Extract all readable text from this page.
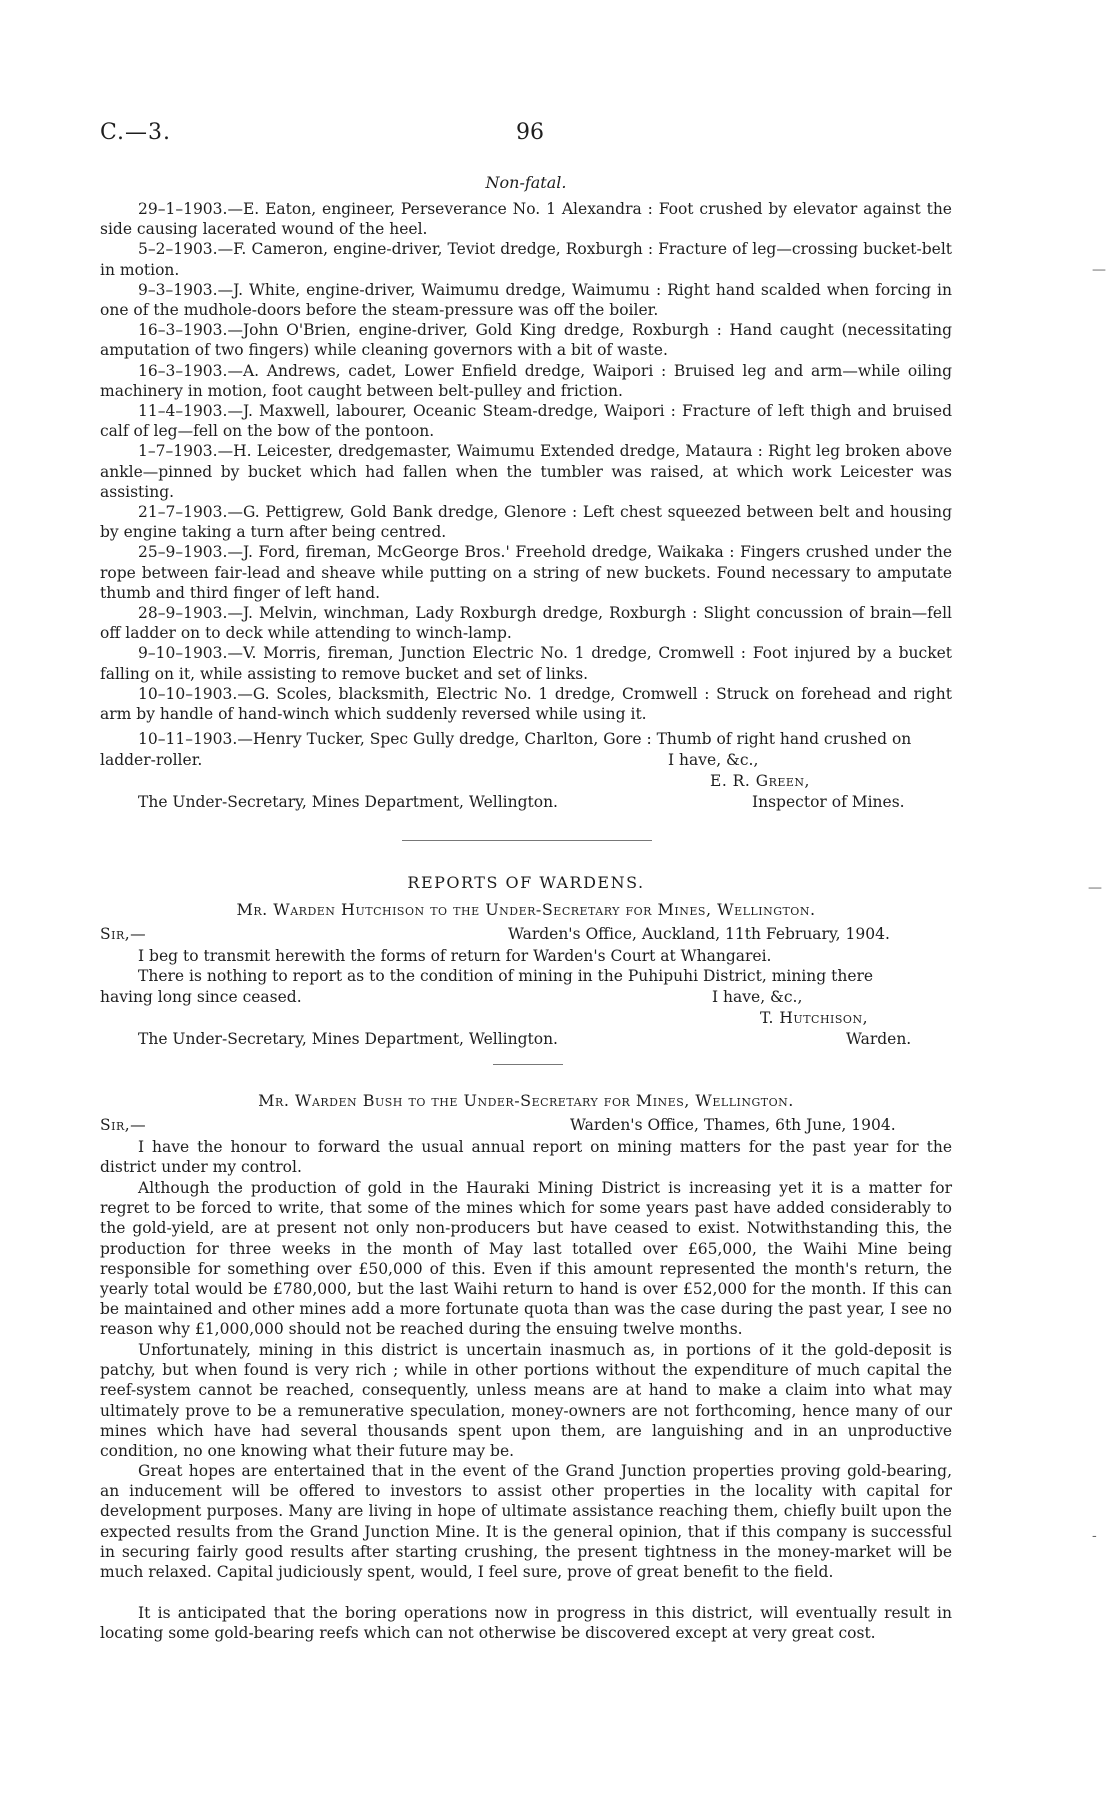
C.—3.	96
Non-fatal.

29–1–1903.—E. Eaton, engineer, Perseverance No. 1 Alexandra : Foot crushed by elevator against the side causing lacerated wound of the heel.

5–2–1903.—F. Cameron, engine-driver, Teviot dredge, Roxburgh : Fracture of leg—crossing bucket-belt in motion.

9–3–1903.—J. White, engine-driver, Waimumu dredge, Waimumu : Right hand scalded when forcing in one of the mudhole-doors before the steam-pressure was off the boiler.

16–3–1903.—John O'Brien, engine-driver, Gold King dredge, Roxburgh : Hand caught (necessitating amputation of two fingers) while cleaning governors with a bit of waste.

16–3–1903.—A. Andrews, cadet, Lower Enfield dredge, Waipori : Bruised leg and arm—while oiling machinery in motion, foot caught between belt-pulley and friction.

11–4–1903.—J. Maxwell, labourer, Oceanic Steam-dredge, Waipori : Fracture of left thigh and bruised calf of leg—fell on the bow of the pontoon.

1–7–1903.—H. Leicester, dredgemaster, Waimumu Extended dredge, Mataura : Right leg broken above ankle—pinned by bucket which had fallen when the tumbler was raised, at which work Leicester was assisting.

21–7–1903.—G. Pettigrew, Gold Bank dredge, Glenore : Left chest squeezed between belt and housing by engine taking a turn after being centred.

25–9–1903.—J. Ford, fireman, McGeorge Bros.' Freehold dredge, Waikaka : Fingers crushed under the rope between fair-lead and sheave while putting on a string of new buckets. Found necessary to amputate thumb and third finger of left hand.

28–9–1903.—J. Melvin, winchman, Lady Roxburgh dredge, Roxburgh : Slight concussion of brain—fell off ladder on to deck while attending to winch-lamp.

9–10–1903.—V. Morris, fireman, Junction Electric No. 1 dredge, Cromwell : Foot injured by a bucket falling on it, while assisting to remove bucket and set of links.

10–10–1903.—G. Scoles, blacksmith, Electric No. 1 dredge, Cromwell : Struck on forehead and right arm by handle of hand-winch which suddenly reversed while using it.

10–11–1903.—Henry Tucker, Spec Gully dredge, Charlton, Gore : Thumb of right hand crushed on
ladder-roller.	I have, &c.,
E. R. Green,
The Under-Secretary, Mines Department, Wellington.	Inspector of Mines.
REPORTS OF WARDENS.
Mr. Warden Hutchison to the Under-Secretary for Mines, Wellington.
Sir,—	Warden's Office, Auckland, 11th February, 1904.

I beg to transmit herewith the forms of return for Warden's Court at Whangarei.

There is nothing to report as to the condition of mining in the Puhipuhi District, mining there
having long since ceased.	I have, &c.,
T. Hutchison,
The Under-Secretary, Mines Department, Wellington.	Warden.
Mr. Warden Bush to the Under-Secretary for Mines, Wellington.
Sir,—	Warden's Office, Thames, 6th June, 1904.

I have the honour to forward the usual annual report on mining matters for the past year for the district under my control.

Although the production of gold in the Hauraki Mining District is increasing yet it is a matter for regret to be forced to write, that some of the mines which for some years past have added considerably to the gold-yield, are at present not only non-producers but have ceased to exist. Notwithstanding this, the production for three weeks in the month of May last totalled over £65,000, the Waihi Mine being responsible for something over £50,000 of this. Even if this amount represented the month's return, the yearly total would be £780,000, but the last Waihi return to hand is over £52,000 for the month. If this can be maintained and other mines add a more fortunate quota than was the case during the past year, I see no reason why £1,000,000 should not be reached during the ensuing twelve months.

Unfortunately, mining in this district is uncertain inasmuch as, in portions of it the gold-deposit is patchy, but when found is very rich ; while in other portions without the expenditure of much capital the reef-system cannot be reached, consequently, unless means are at hand to make a claim into what may ultimately prove to be a remunerative speculation, money-owners are not forthcoming, hence many of our mines which have had several thousands spent upon them, are languishing and in an unproductive condition, no one knowing what their future may be.

Great hopes are entertained that in the event of the Grand Junction properties proving gold-bearing, an inducement will be offered to investors to assist other properties in the locality with capital for development purposes. Many are living in hope of ultimate assistance reaching them, chiefly built upon the expected results from the Grand Junction Mine. It is the general opinion, that if this company is successful in securing fairly good results after starting crushing, the present tightness in the money-market will be much relaxed. Capital judiciously spent, would, I feel sure, prove of great benefit to the field.

It is anticipated that the boring operations now in progress in this district, will eventually result in locating some gold-bearing reefs which can not otherwise be discovered except at very great cost.

—
—
-
